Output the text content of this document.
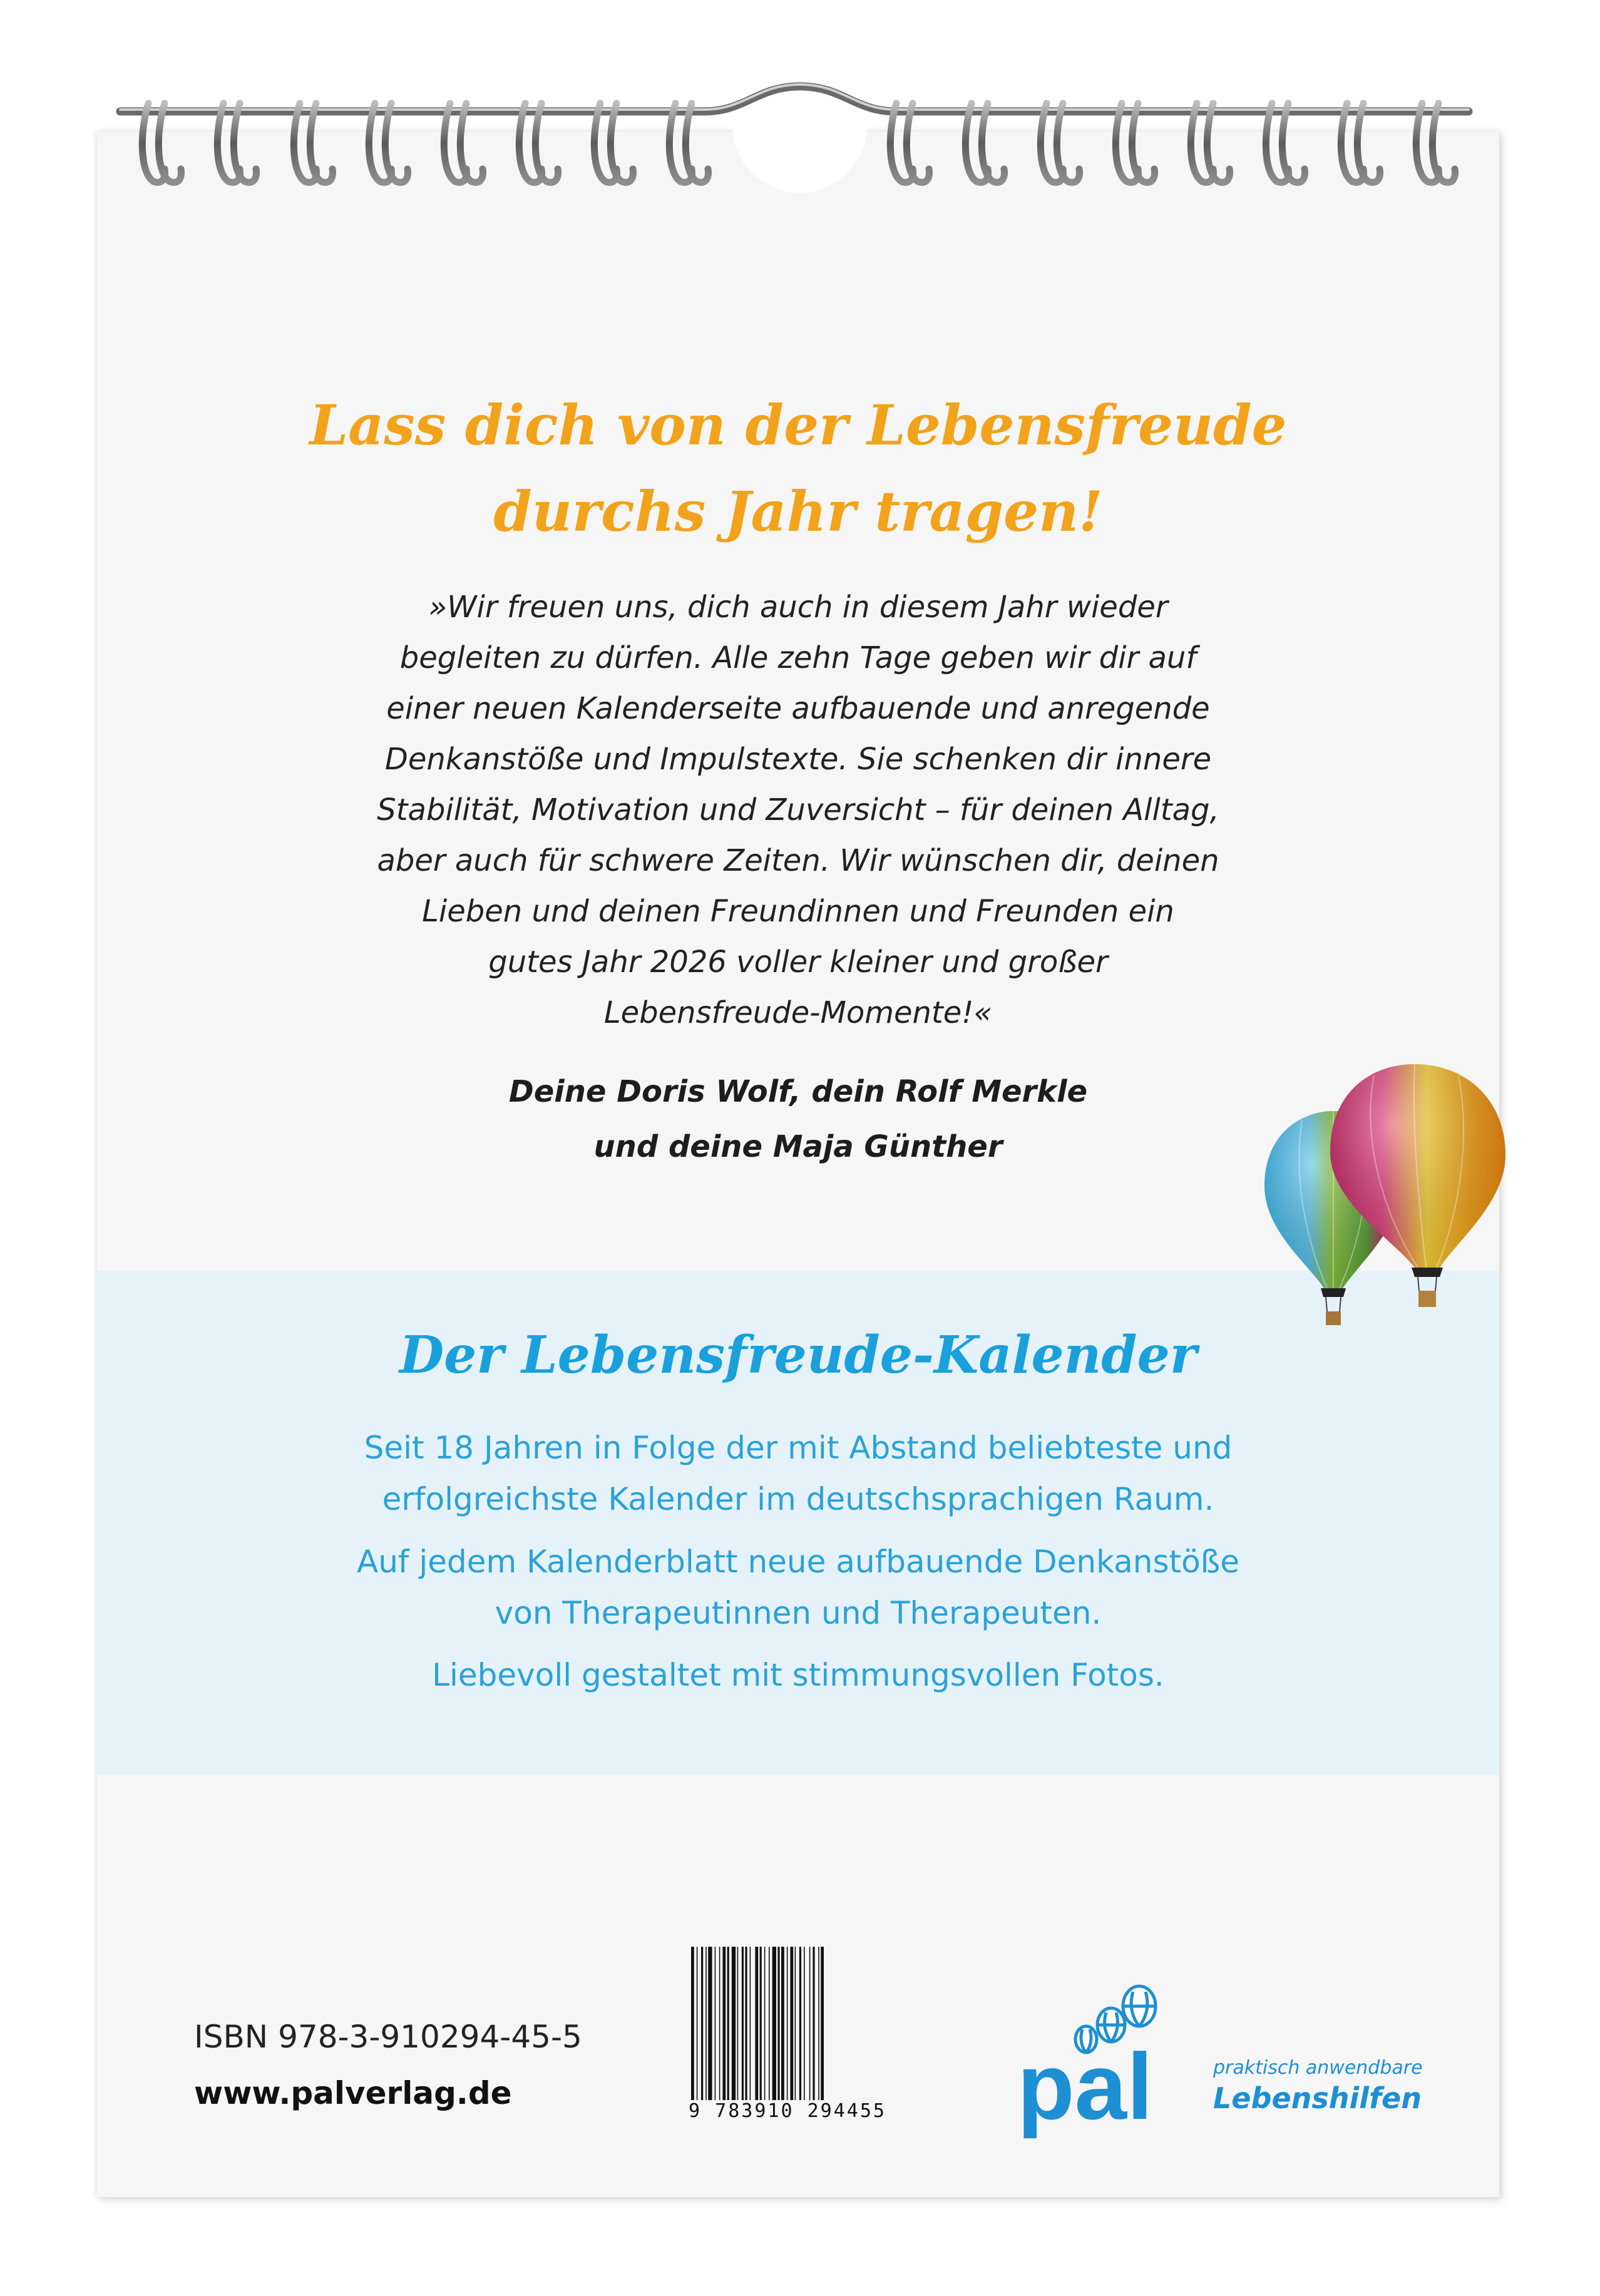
Lass dich von der Lebensfreude
durchs Jahr tragen!

»Wir freuen uns, dich auch in diesem Jahr wieder

begleiten zu dürfen. Alle zehn Tage geben wir dir auf

einer neuen Kalenderseite aufbauende und anregende

Denkanstöße und Impulstexte. Sie schenken dir innere

Stabilität, Motivation und Zuversicht – für deinen Alltag,

aber auch für schwere Zeiten. Wir wünschen dir, deinen

Lieben und deinen Freundinnen und Freunden ein

gutes Jahr 2026 voller kleiner und großer

Lebensfreude-Momente!«

Deine Doris Wolf, dein Rolf Merkle

und deine Maja Günther

Der Lebensfreude-Kalender

Seit 18 Jahren in Folge der mit Abstand beliebteste und
erfolgreichste Kalender im deutschsprachigen Raum.

Auf jedem Kalenderblatt neue aufbauende Denkanstöße
von Therapeutinnen und Therapeuten.

Liebevoll gestaltet mit stimmungsvollen Fotos.

ISBN 978-3-910294-45-5
www.palverlag.de	9 783910 294455 pal	praktisch anwendbare
Lebenshilfen
